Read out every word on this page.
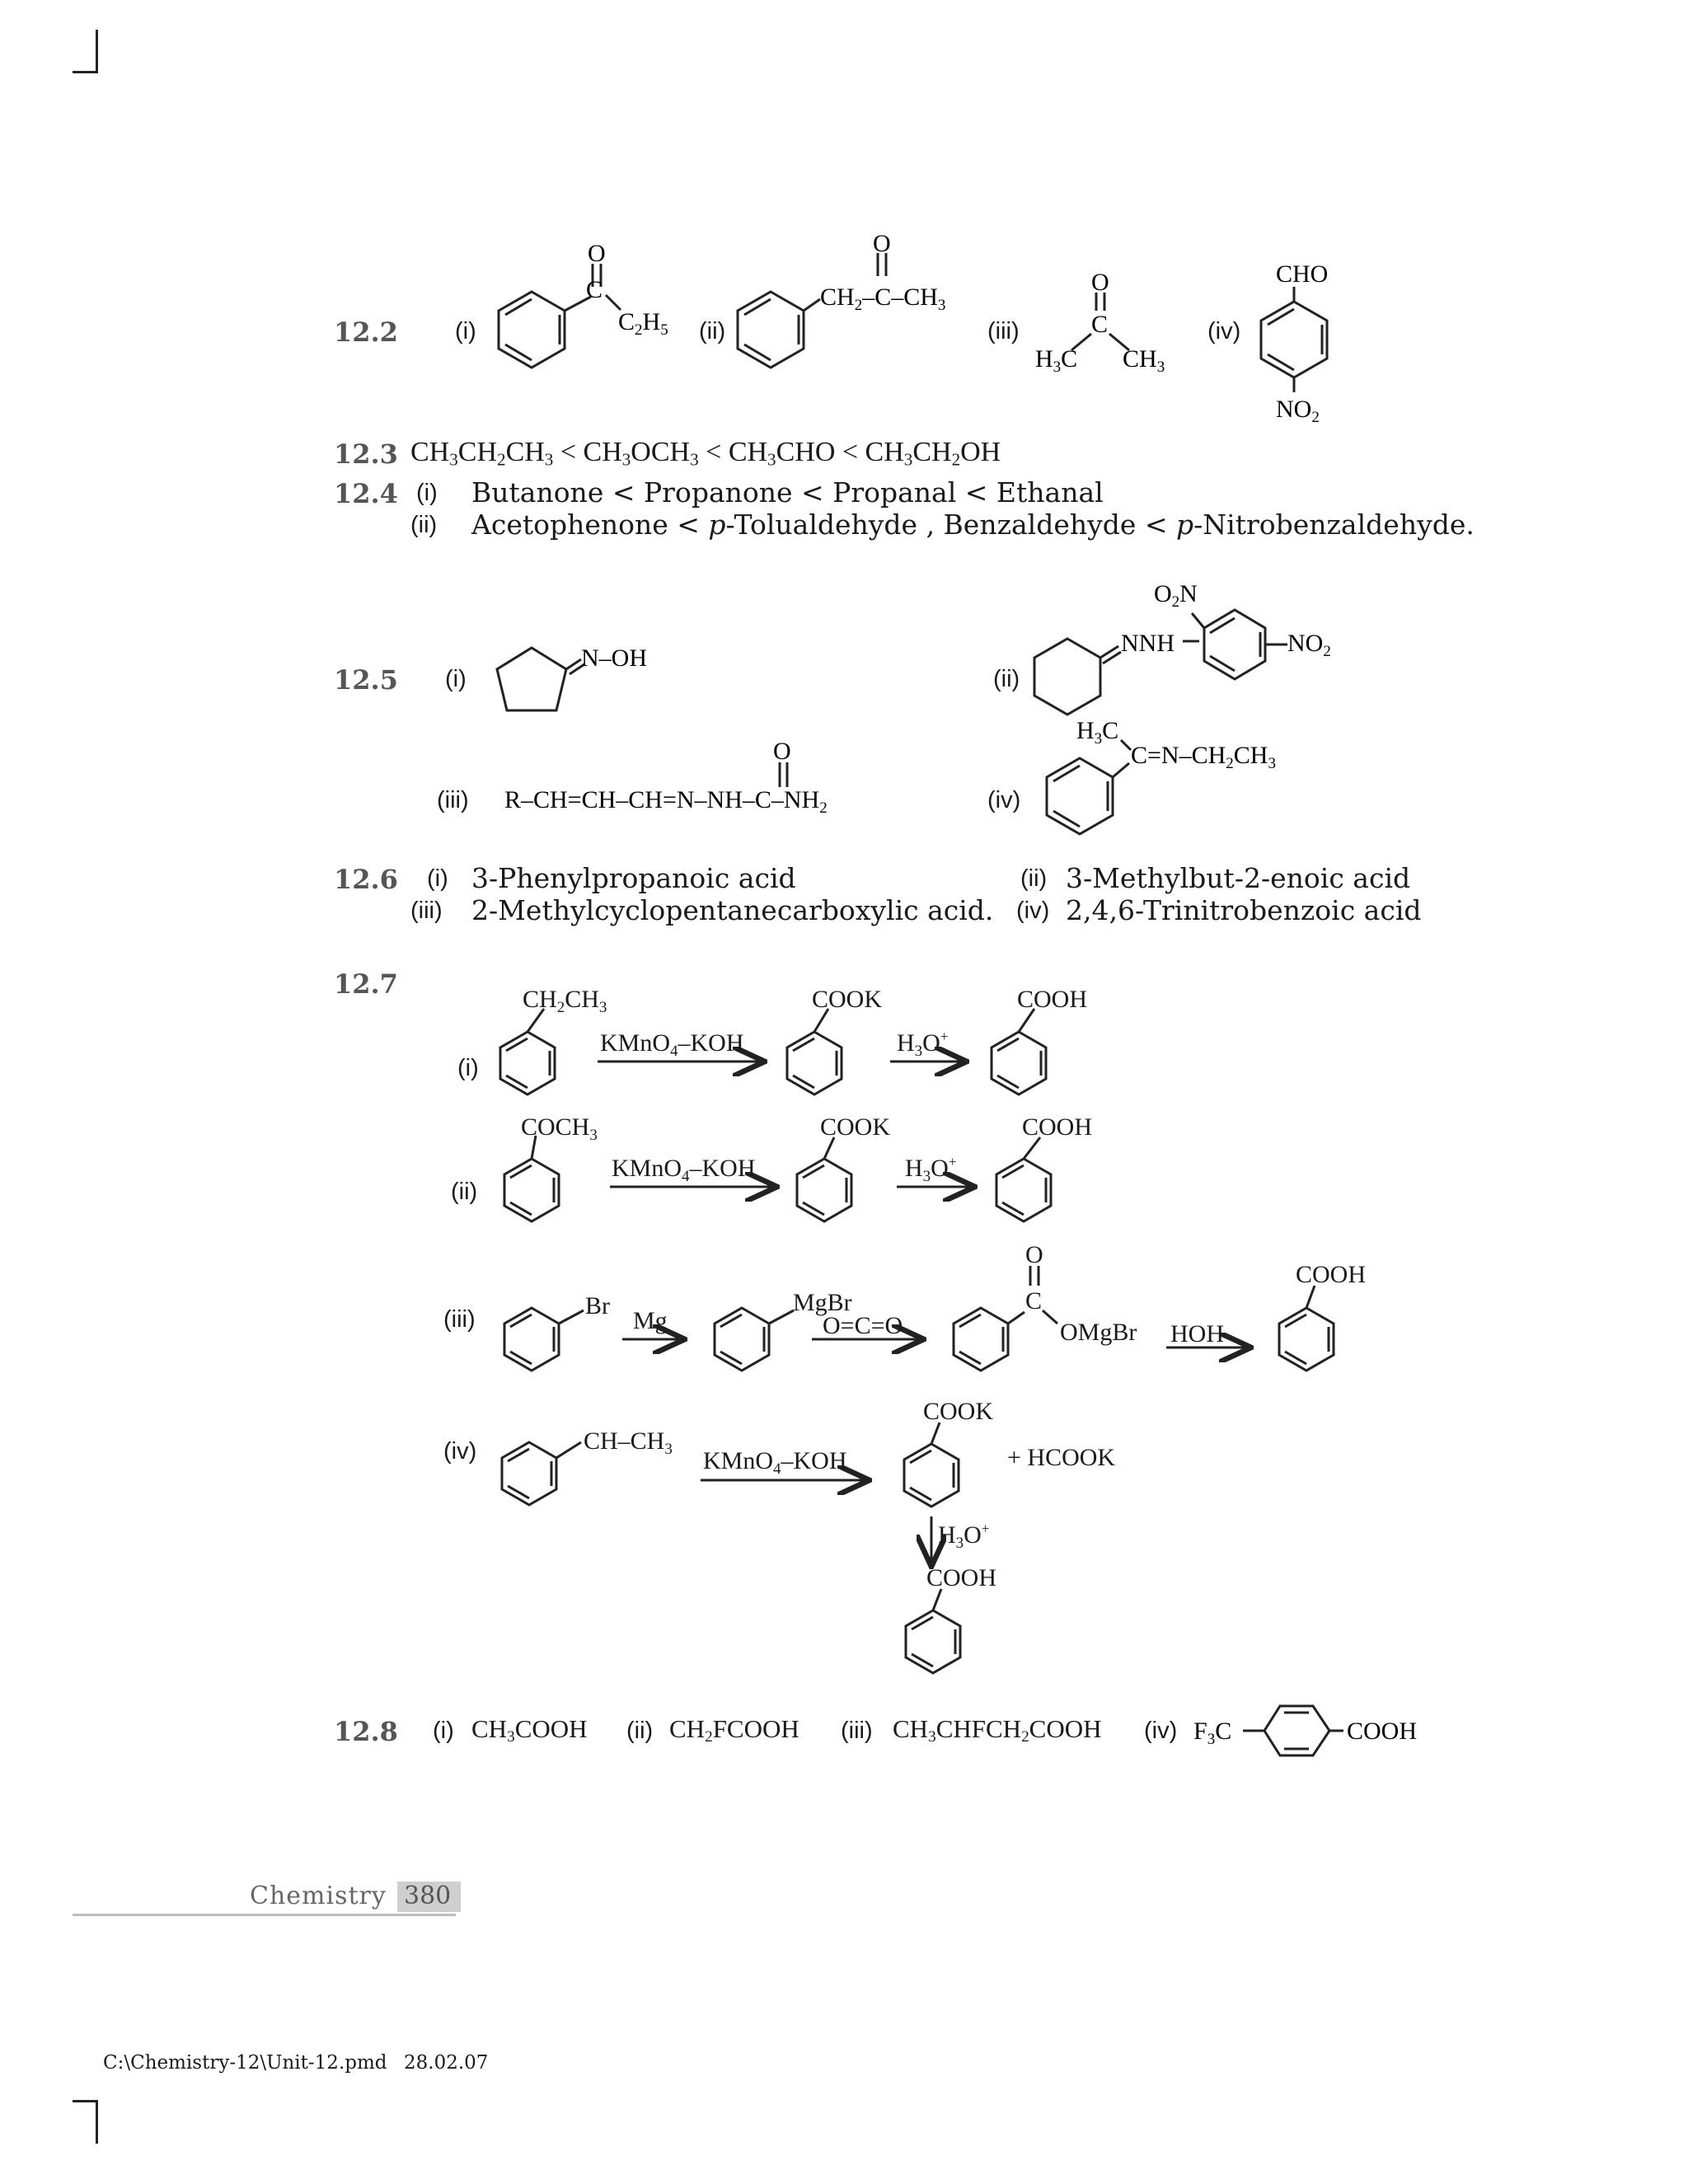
12.2 (i)	(ii)	(iii)	(iv)
O
C
$C_2H_5$
O
$CH_2-C-CH_3$
O
C
$H_3C$ $CH_3$
CHO
$NO_2$
12.3 $CH_3CH_2CH_3 < CH_3OCH_3 < CH_3CHO < CH_3CH_2OH$
12.4 (i) Butanone < Propanone < Propanal < Ethanal
(ii) Acetophenone < p-Tolualdehyde , Benzaldehyde < p-Nitrobenzaldehyde.
12.5 (i)	(ii)
(iii)	(iv)
N–OH
NNH
$O_2N$
$NO_2$
O
$R-CH=CH-CH=N-NH-C-NH_2$
$H_3C$
$C=N-CH_2CH_3$
12.6 (i) 3-Phenylpropanoic acid	(ii) 3-Methylbut-2-enoic acid
(iii) 2-Methylcyclopentanecarboxylic acid. (iv) 2,4,6-Trinitrobenzoic acid
12.7
(i)
(ii)
(iii)
(iv)
$CH_2CH_3$
KMnO$_4$–KOH
COOK
$H_3O^+$
COOH
$COCH_3$
KMnO$_4$–KOH
COOK
$H_3O^+$
COOH
Br
Mg
MgBr
O=C=O
O
C
OMgBr HOH
COOH
$CH-CH_3$ KMnO$_4$–KOH
COOK
+ HCOOK
$H_3O^+$
COOH
12.8 (i) $CH_3COOH$ (ii) $CH_2FCOOH$ (iii) $CH_3CHFCH_2COOH$ (iv) $F_3C$	COOH
Chemistry 380
C:\Chemistry-12\Unit-12.pmd 28.02.07
